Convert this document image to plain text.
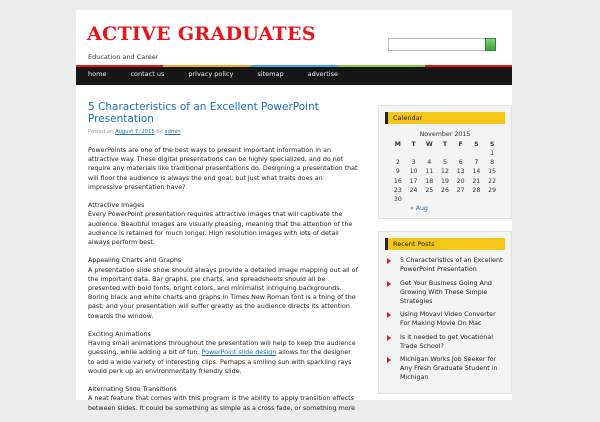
ACTIVE GRADUATES
Education and Career
home	contact us	privacy policy	sitemap	advertise
5 Characteristics of an Excellent PowerPoint Presentation
Posted on August 7, 2015 by admin

PowerPoints are one of the best ways to present important information in an attractive way. These digital presentations can be highly specialized, and do not require any materials like traditional presentations do. Designing a presentation that will floor the audience is always the end goal; but just what traits does an impressive presentation have?

Attractive Images
Every PowerPoint presentation requires attractive images that will captivate the audience. Beautiful images are visually pleasing, meaning that the attention of the audience is retained for much longer. High resolution images with lots of detail always perform best.

Appealing Charts and Graphs
A presentation slide show should always provide a detailed image mapping out all of the important data. Bar graphs, pie charts, and spreadsheets should all be presented with bold fonts, bright colors, and minimalist intriguing backgrounds. Boring black and white charts and graphs in Times New Roman font is a thing of the past; and your presentation will suffer greatly as the audience directs its attention towards the window.

Exciting Animations
Having small animations throughout the presentation will help to keep the audience guessing, while adding a bit of fun. PowerPoint slide design allows for the designer to add a wide variety of interesting clips. Perhaps a smiling sun with sparkling rays would perk up an environmentally friendly slide.

Alternating Slide Transitions
A neat feature that comes with this program is the ability to apply transition effects between slides. It could be something as simple as a cross fade, or something more

Calendar
November 2015
M	T	W	T	F	S	S
						1
2	3	4	5	6	7	8
9	10	11	12	13	14	15
16	17	18	19	20	21	22
23	24	25	26	27	28	29
30						
« Aug
Recent Posts
5 Characteristics of an Excellent PowerPoint Presentation
Get Your Business Going And Growing With These Simple Strategies
Using Movavi Video Converter For Making Movie On Mac
Is it needed to get Vocational Trade School?
Michigan Works Job Seeker for Any Fresh Graduate Student in Michigan
